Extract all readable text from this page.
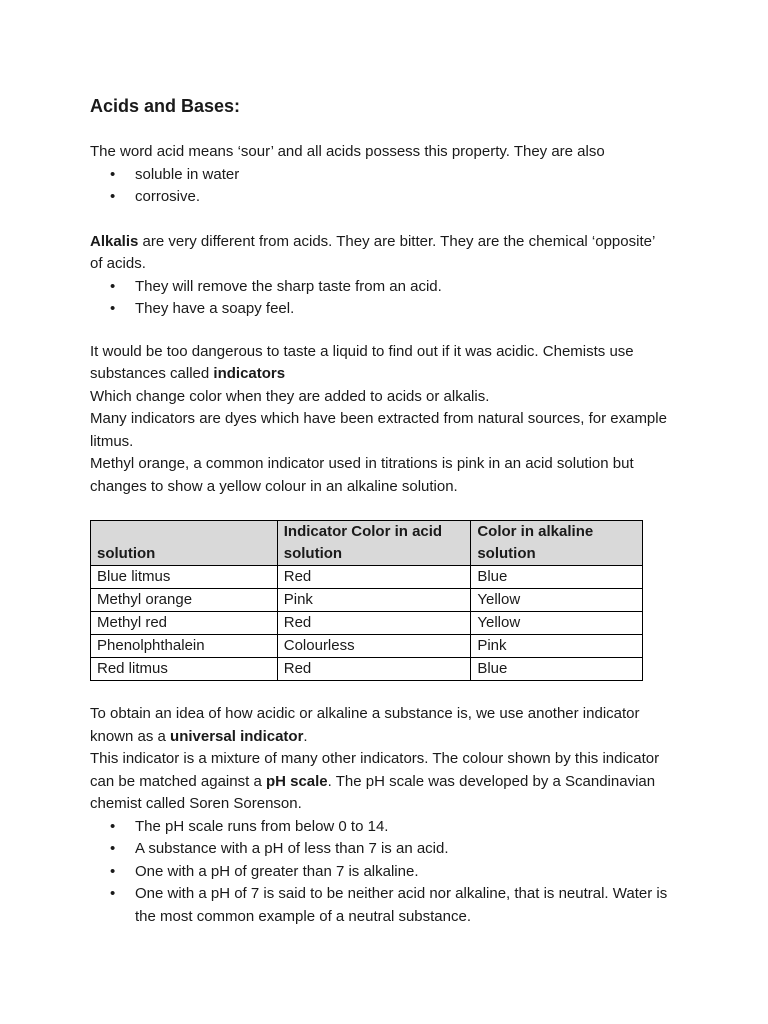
Acids and Bases:

The word acid means ‘sour’ and all acids possess this property. They are also

• soluble in water
• corrosive.

Alkalis are very different from acids. They are bitter. They are the chemical ‘opposite’ of acids.

• They will remove the sharp taste from an acid.
• They have a soapy feel.

It would be too dangerous to taste a liquid to find out if it was acidic. Chemists use substances called indicators

Which change color when they are added to acids or alkalis.

Many indicators are dyes which have been extracted from natural sources, for example litmus.

Methyl orange, a common indicator used in titrations is pink in an acid solution but changes to show a yellow colour in an alkaline solution.

solution	Indicator Color in acid solution	Color in alkaline solution
Blue litmus	Red	Blue
Methyl orange	Pink	Yellow
Methyl red	Red	Yellow
Phenolphthalein	Colourless	Pink
Red litmus	Red	Blue

To obtain an idea of how acidic or alkaline a substance is, we use another indicator known as a universal indicator.

This indicator is a mixture of many other indicators. The colour shown by this indicator can be matched against a pH scale. The pH scale was developed by a Scandinavian chemist called Soren Sorenson.

• The pH scale runs from below 0 to 14.
• A substance with a pH of less than 7 is an acid.
• One with a pH of greater than 7 is alkaline.
• One with a pH of 7 is said to be neither acid nor alkaline, that is neutral. Water is the most common example of a neutral substance.
